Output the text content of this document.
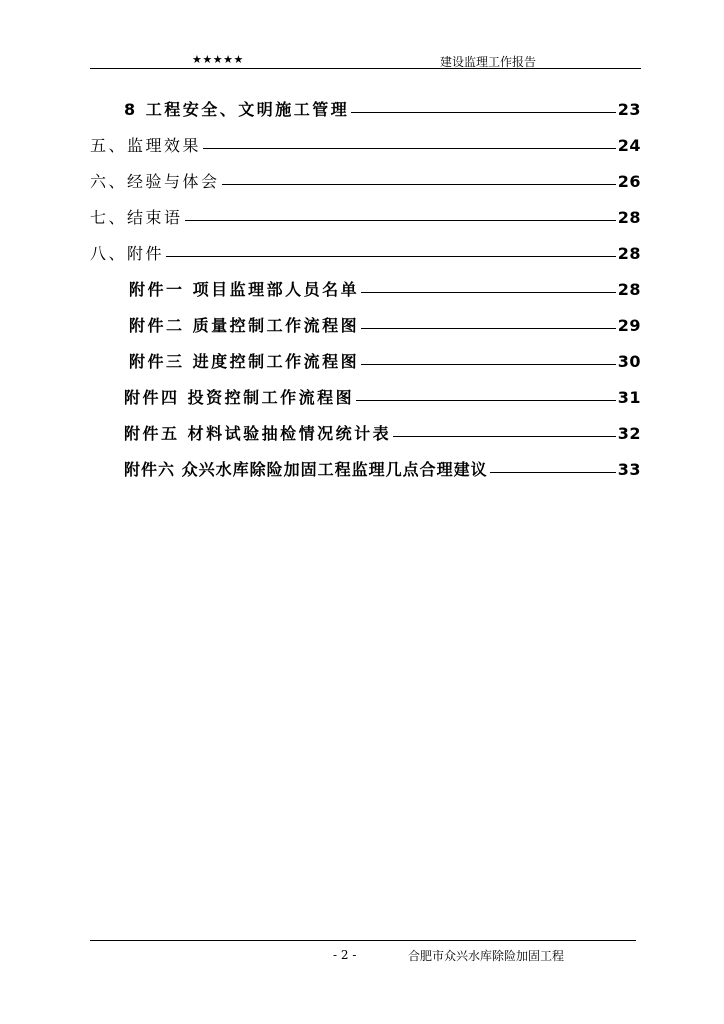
★★★★★	建设监理工作报告
8 工程安全、文明施工管理	23
五、监理效果	24
六、经验与体会	26
七、结束语	28
八、附件	28
附件一 项目监理部人员名单	28
附件二 质量控制工作流程图	29
附件三 进度控制工作流程图	30
附件四 投资控制工作流程图	31
附件五 材料试验抽检情况统计表	32
附件六 众兴水库除险加固工程监理几点合理建议	33
- 2 -	合肥市众兴水库除险加固工程
